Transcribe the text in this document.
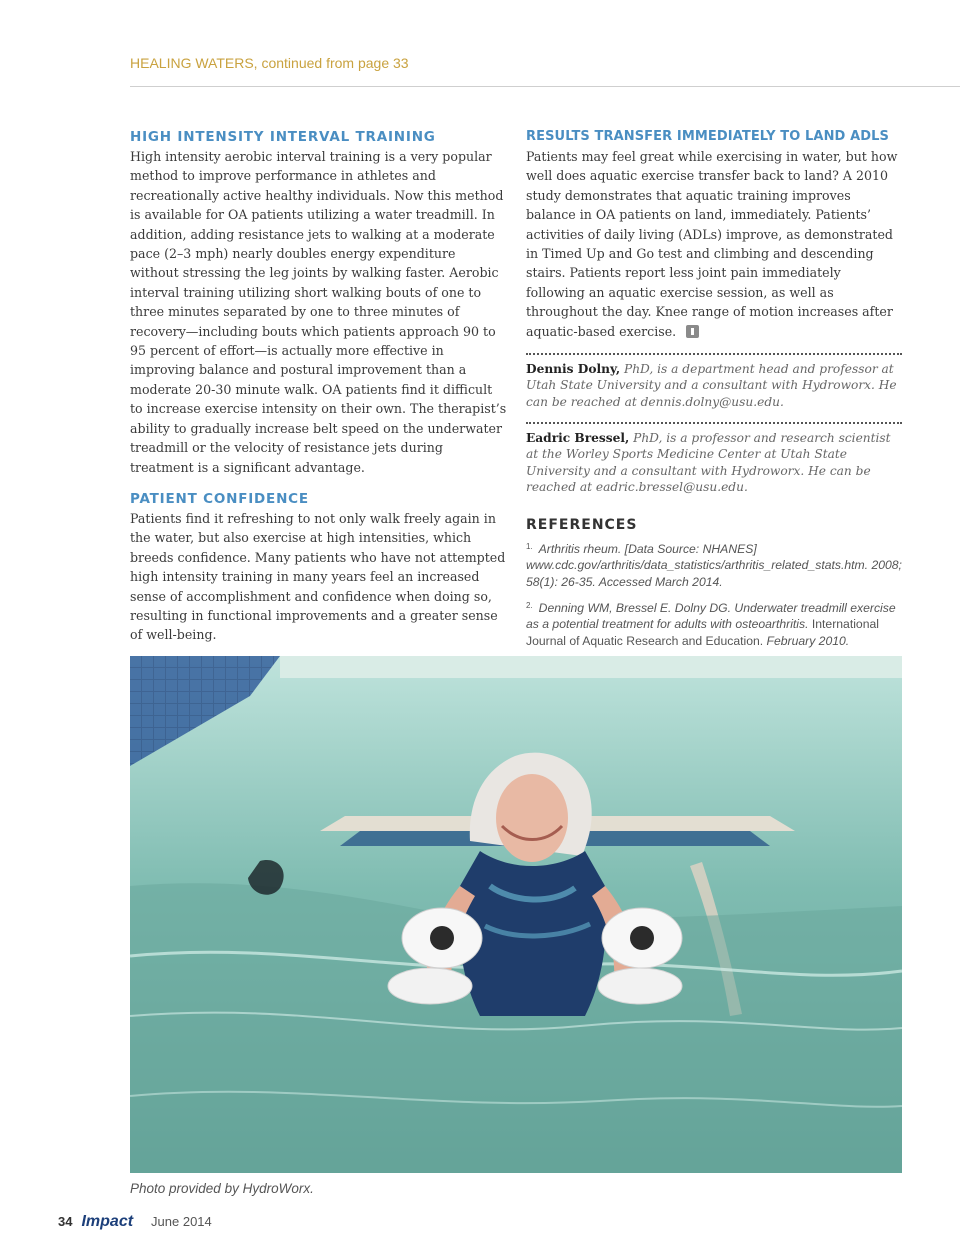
HEALING WATERS, continued from page 33
HIGH INTENSITY INTERVAL TRAINING

High intensity aerobic interval training is a very popular method to improve performance in athletes and recreationally active healthy individuals. Now this method is available for OA patients utilizing a water treadmill. In addition, adding resistance jets to walking at a moderate pace (2–3 mph) nearly doubles energy expenditure without stressing the leg joints by walking faster. Aerobic interval training utilizing short walking bouts of one to three minutes separated by one to three minutes of recovery—including bouts which patients approach 90 to 95 percent of effort—is actually more effective in improving balance and postural improvement than a moderate 20-30 minute walk. OA patients find it difficult to increase exercise intensity on their own. The therapist’s ability to gradually increase belt speed on the underwater treadmill or the velocity of resistance jets during treatment is a significant advantage.

PATIENT CONFIDENCE

Patients find it refreshing to not only walk freely again in the water, but also exercise at high intensities, which breeds confidence. Many patients who have not attempted high intensity training in many years feel an increased sense of accomplishment and confidence when doing so, resulting in functional improvements and a greater sense of well-being.

RESULTS TRANSFER IMMEDIATELY TO LAND ADLS

Patients may feel great while exercising in water, but how well does aquatic exercise transfer back to land? A 2010 study demonstrates that aquatic training improves balance in OA patients on land, immediately. Patients’ activities of daily living (ADLs) improve, as demonstrated in Timed Up and Go test and climbing and descending stairs. Patients report less joint pain immediately following an aquatic exercise session, as well as throughout the day. Knee range of motion increases after aquatic-based exercise.

Dennis Dolny, PhD, is a department head and professor at Utah State University and a consultant with Hydroworx. He can be reached at dennis.dolny@usu.edu.

Eadric Bressel, PhD, is a professor and research scientist at the Worley Sports Medicine Center at Utah State University and a consultant with Hydroworx. He can be reached at eadric.bressel@usu.edu.

REFERENCES

$^{1.}$ Arthritis rheum. [Data Source: NHANES] www.cdc.gov/arthritis/data_statistics/arthritis_related_stats.htm. 2008; 58(1): 26-35. Accessed March 2014.

$^{2.}$ Denning WM, Bressel E. Dolny DG. Underwater treadmill exercise as a potential treatment for adults with osteoarthritis. International Journal of Aquatic Research and Education. February 2010.

Photo provided by HydroWorx.
34 Impact June 2014
